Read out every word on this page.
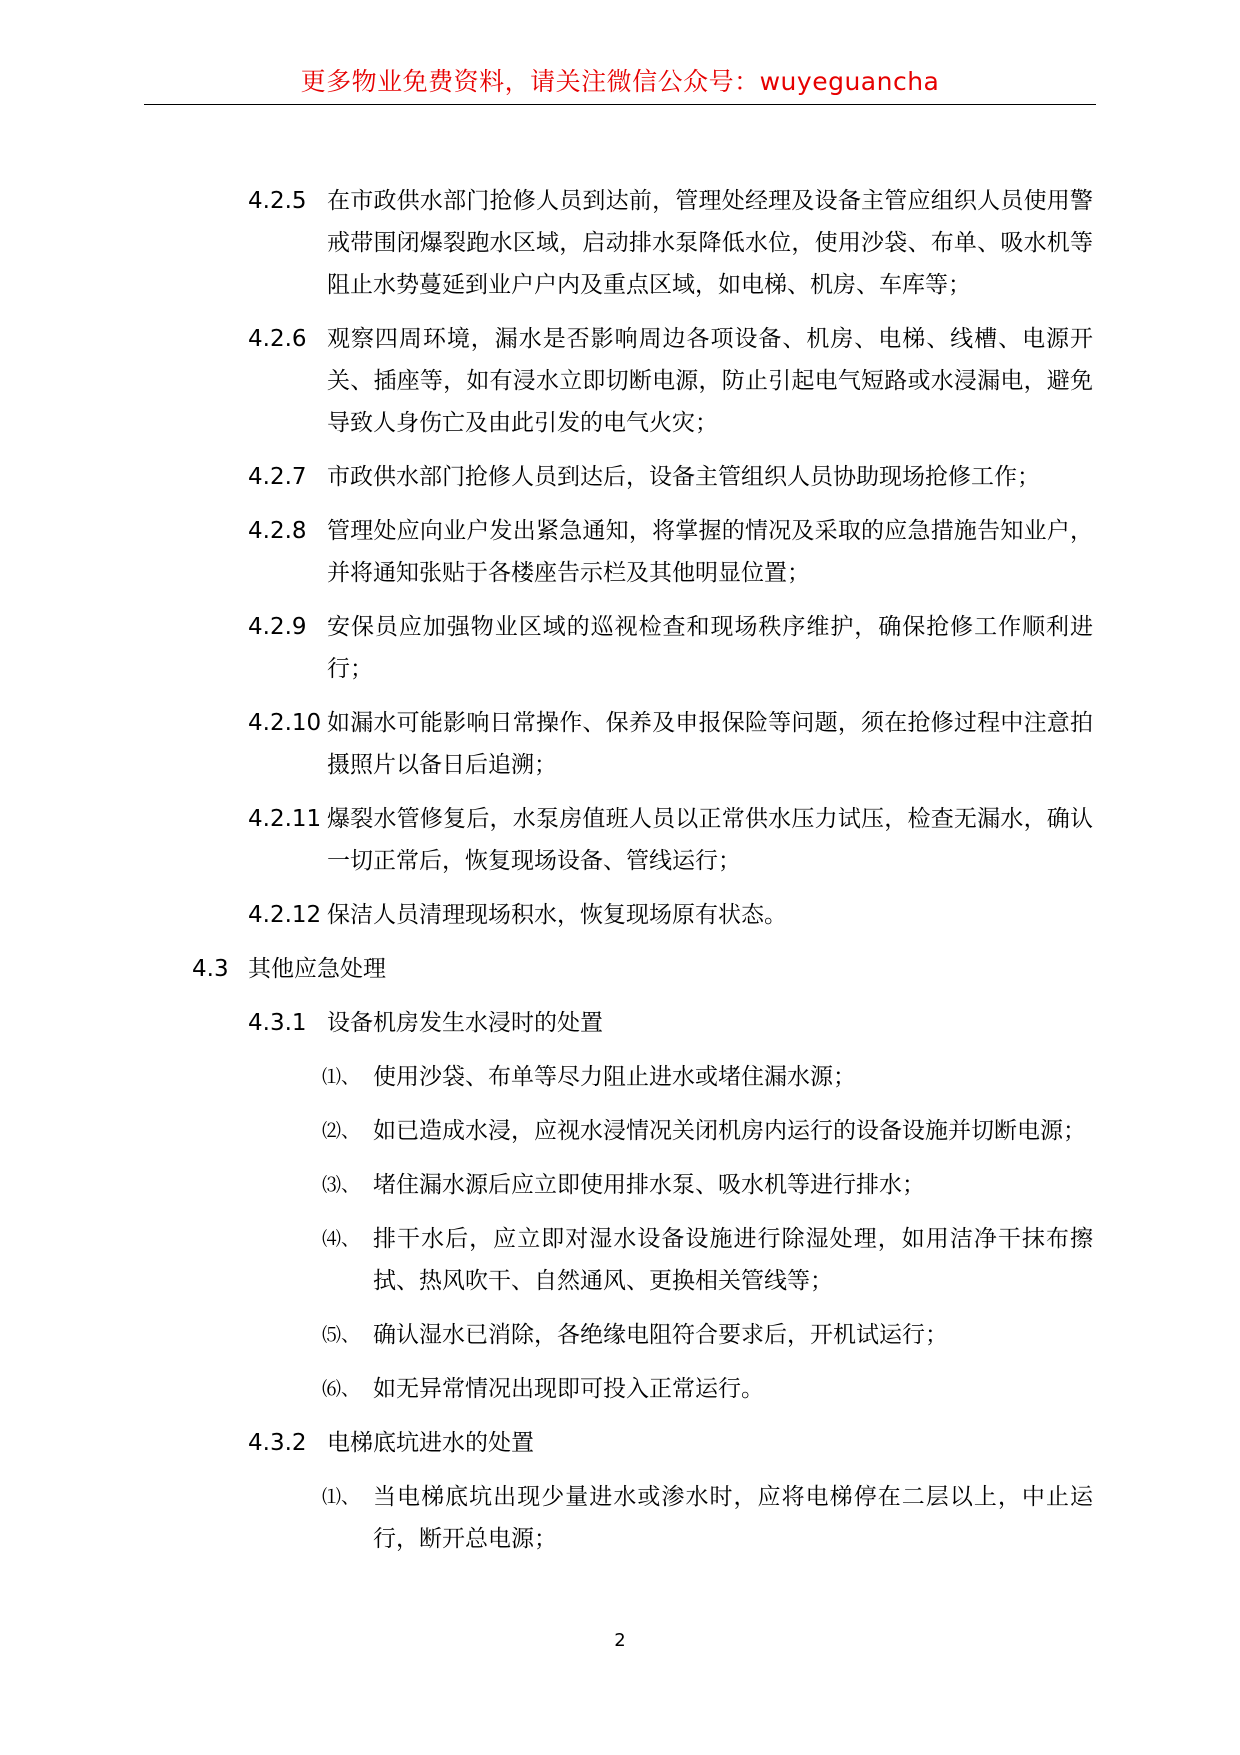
更多物业免费资料，请关注微信公众号：wuyeguancha
4.2.5 在市政供水部门抢修人员到达前，管理处经理及设备主管应组织人员使用警戒带围闭爆裂跑水区域，启动排水泵降低水位，使用沙袋、布单、吸水机等阻止水势蔓延到业户户内及重点区域，如电梯、机房、车库等；
4.2.6 观察四周环境，漏水是否影响周边各项设备、机房、电梯、线槽、电源开关、插座等，如有浸水立即切断电源，防止引起电气短路或水浸漏电，避免导致人身伤亡及由此引发的电气火灾；
4.2.7 市政供水部门抢修人员到达后，设备主管组织人员协助现场抢修工作；
4.2.8 管理处应向业户发出紧急通知，将掌握的情况及采取的应急措施告知业户，并将通知张贴于各楼座告示栏及其他明显位置；
4.2.9 安保员应加强物业区域的巡视检查和现场秩序维护，确保抢修工作顺利进行；
4.2.10 如漏水可能影响日常操作、保养及申报保险等问题，须在抢修过程中注意拍摄照片以备日后追溯；
4.2.11 爆裂水管修复后，水泵房值班人员以正常供水压力试压，检查无漏水，确认一切正常后，恢复现场设备、管线运行；
4.2.12 保洁人员清理现场积水，恢复现场原有状态。
4.3 其他应急处理
4.3.1 设备机房发生水浸时的处置
⑴、 使用沙袋、布单等尽力阻止进水或堵住漏水源；
⑵、 如已造成水浸，应视水浸情况关闭机房内运行的设备设施并切断电源；
⑶、 堵住漏水源后应立即使用排水泵、吸水机等进行排水；
⑷、 排干水后，应立即对湿水设备设施进行除湿处理，如用洁净干抹布擦拭、热风吹干、自然通风、更换相关管线等；
⑸、 确认湿水已消除，各绝缘电阻符合要求后，开机试运行；
⑹、 如无异常情况出现即可投入正常运行。
4.3.2 电梯底坑进水的处置
⑴、 当电梯底坑出现少量进水或渗水时，应将电梯停在二层以上，中止运行，断开总电源；
2
